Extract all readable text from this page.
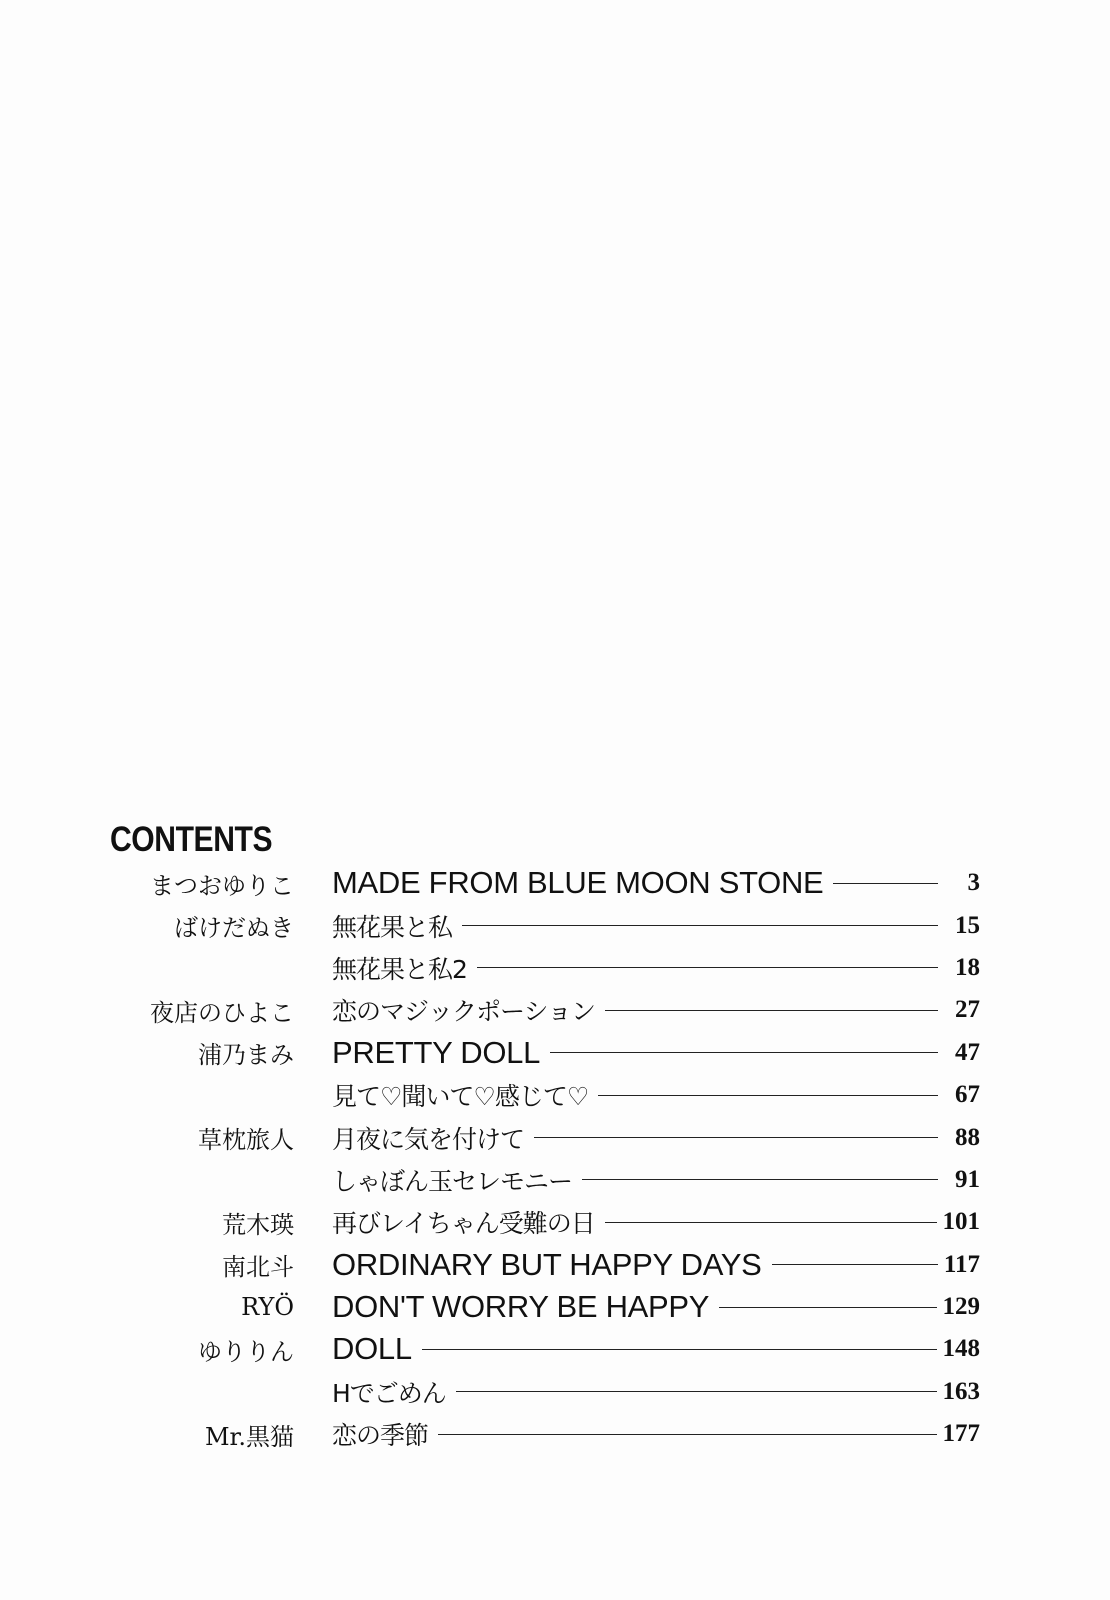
CONTENTS
まつおゆりこ MADE FROM BLUE MOON STONE	3
ばけだぬき 無花果と私	15
無花果と私2	18
夜店のひよこ 恋のマジックポーション	27
浦乃まみ PRETTY DOLL	47
見て♡聞いて♡感じて♡	67
草枕旅人 月夜に気を付けて	88
しゃぼん玉セレモニー	91
荒木瑛 再びレイちゃん受難の日	101
南北斗 ORDINARY BUT HAPPY DAYS	117
RYÖ DON'T WORRY BE HAPPY	129
ゆりりん DOLL	148
Hでごめん	163
Mr.黒猫 恋の季節	177
